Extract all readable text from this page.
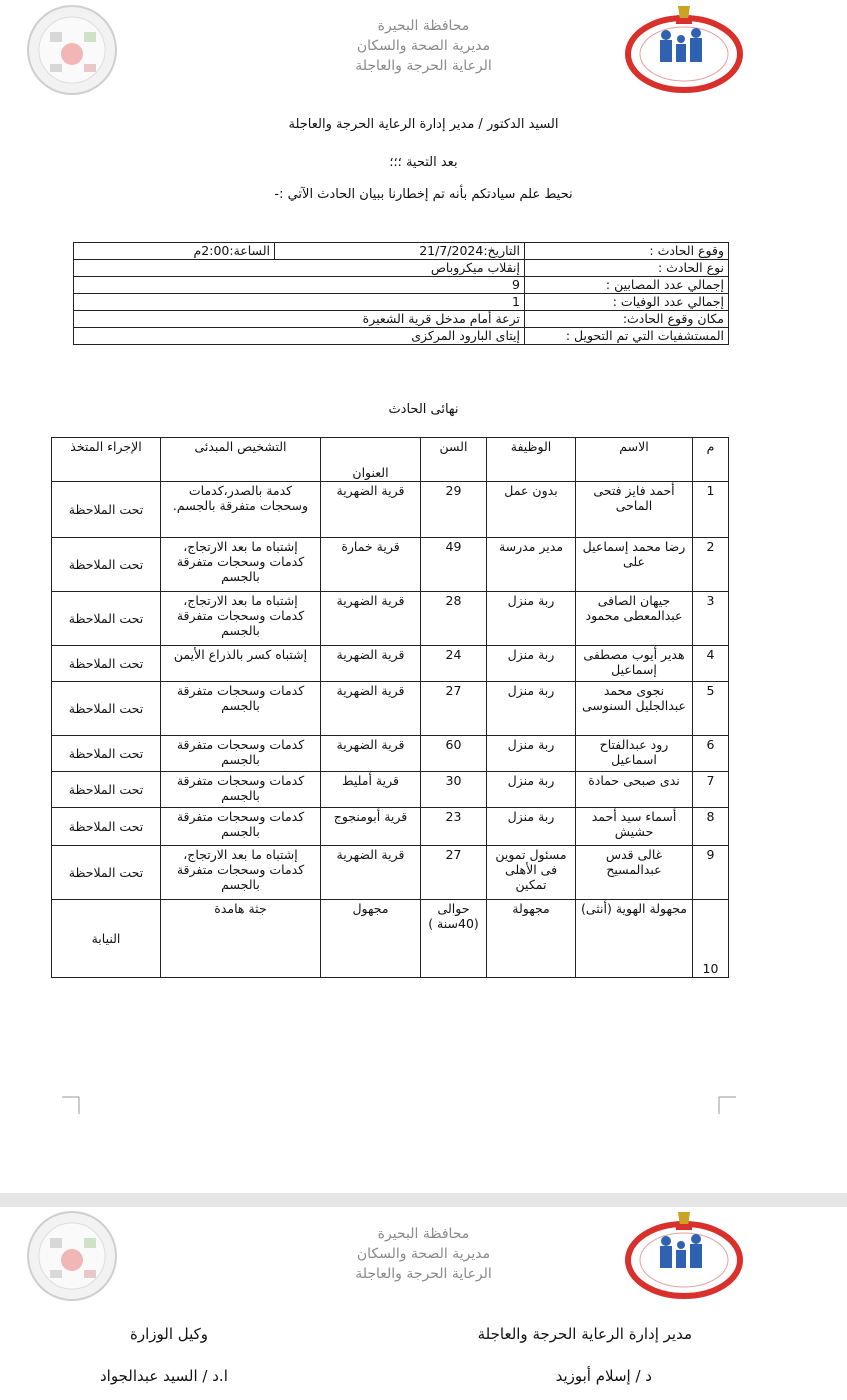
محافظة البحيرة
مديرية الصحة والسكان
الرعاية الحرجة والعاجلة
السيد الدكتور / مدير إدارة الرعاية الحرجة والعاجلة
بعد التحية ؛؛؛
نحيط علم سيادتكم بأنه تم إخطارنا ببيان الحادث الآتي :-
وقوع الحادث :	التاريخ:21/7/2024	الساعة:2:00م
نوع الحادث :	إنقلاب ميكروباص	
إجمالي عدد المصابين :	9	
إجمالي عدد الوفيات :	1	
مكان وقوع الحادث:	ترعة أمام مدخل قرية الشعيرة	
المستشفيات التي تم التحويل :	إيتاى البارود المركزى	
نهائى الحادث
م	الاسم	الوظيفة	السن	العنوان	التشخيص المبدئى	الإجراء المتخذ
1	أحمد فايز فتحى الماحى	بدون عمل	29	قرية الضهرية	كدمة بالصدر،كدمات وسحجات متفرقة بالجسم.	تحت الملاحظة
2	رضا محمد إسماعيل على	مدير مدرسة	49	قرية خمارة	إشتباه ما بعد الارتجاج، كدمات وسحجات متفرقة بالجسم	تحت الملاحظة
3	جيهان الصافى عبدالمعطى محمود	ربة منزل	28	قرية الضهرية	إشتباه ما بعد الارتجاج، كدمات وسحجات متفرقة بالجسم	تحت الملاحظة
4	هدير أيوب مصطفى إسماعيل	ربة منزل	24	قرية الضهرية	إشتباه كسر بالذراع الأيمن	تحت الملاحظة
5	نجوى محمد عبدالجليل السنوسى	ربة منزل	27	قرية الضهرية	كدمات وسحجات متفرقة بالجسم	تحت الملاحظة
6	رود عبدالفتاح اسماعيل	ربة منزل	60	قرية الضهرية	كدمات وسحجات متفرقة بالجسم	تحت الملاحظة
7	ندى صبحى حمادة	ربة منزل	30	قرية أمليط	كدمات وسحجات متفرقة بالجسم	تحت الملاحظة
8	أسماء سيد أحمد حشيش	ربة منزل	23	قرية أبومنجوج	كدمات وسحجات متفرقة بالجسم	تحت الملاحظة
9	غالى قدس عبدالمسيح	مسئول تموين فى الأهلى تمكين	27	قرية الضهرية	إشتباه ما بعد الارتجاج، كدمات وسحجات متفرقة بالجسم	تحت الملاحظة
10	مجهولة الهوية (أنثى)	مجهولة	حوالى (40سنة )	مجهول	جثة هامدة	النيابة
محافظة البحيرة
مديرية الصحة والسكان
الرعاية الحرجة والعاجلة
مدير إدارة الرعاية الحرجة والعاجلة
د / إسلام أبوزيد
وكيل الوزارة
ا.د / السيد عبدالجواد
